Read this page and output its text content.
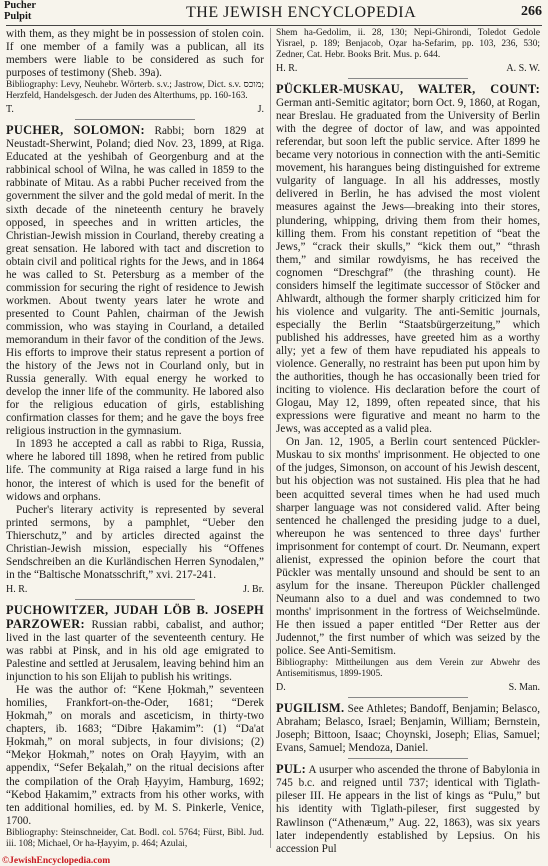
Pucher
Pulpit	THE JEWISH ENCYCLOPEDIA	266

with them, as they might be in possession of stolen coin. If one member of a family was a publican, all its members were liable to be considered as such for purposes of testimony (Sheb. 39a).

Bibliography: Levy, Neuhebr. Wörterb. s.v.; Jastrow, Dict. s.v. מוכס; Herzfeld, Handelsgesch. der Juden des Alterthums, pp. 160-163.

T.	J.

PUCHER, SOLOMON: Rabbi; born 1829 at Neustadt-Sherwint, Poland; died Nov. 23, 1899, at Riga. Educated at the yeshibah of Georgenburg and at the rabbinical school of Wilna, he was called in 1859 to the rabbinate of Mitau. As a rabbi Pucher received from the government the silver and the gold medal of merit. In the sixth decade of the nineteenth century he bravely opposed, in speeches and in written articles, the Christian-Jewish mission in Courland, thereby creating a great sensation. He labored with tact and discretion to obtain civil and political rights for the Jews, and in 1864 he was called to St. Petersburg as a member of the commission for securing the right of residence to Jewish workmen. About twenty years later he wrote and presented to Count Pahlen, chairman of the Jewish commission, who was staying in Courland, a detailed memorandum in their favor of the condition of the Jews. His efforts to improve their status represent a portion of the history of the Jews not in Courland only, but in Russia generally. With equal energy he worked to develop the inner life of the community. He labored also for the religious education of girls, establishing confirmation classes for them; and he gave the boys free religious instruction in the gymnasium.

In 1893 he accepted a call as rabbi to Riga, Russia, where he labored till 1898, when he retired from public life. The community at Riga raised a large fund in his honor, the interest of which is used for the benefit of widows and orphans.

Pucher's literary activity is represented by several printed sermons, by a pamphlet, “Ueber den Thierschutz,” and by articles directed against the Christian-Jewish mission, especially his “Offenes Sendschreiben an die Kurländischen Herren Synodalen,” in the “Baltische Monatsschrift,” xvi. 217-241.

H. R.	J. Br.

PUCHOWITZER, JUDAH LÖB B. JOSEPH PARZOWER: Russian rabbi, cabalist, and author; lived in the last quarter of the seventeenth century. He was rabbi at Pinsk, and in his old age emigrated to Palestine and settled at Jerusalem, leaving behind him an injunction to his son Elijah to publish his writings.

He was the author of: “Kene Ḥokmah,” seventeen homilies, Frankfort-on-the-Oder, 1681; “Derek Ḥokmah,” on morals and asceticism, in thirty-two chapters, ib. 1683; “Dibre Ḥakamim”: (1) “Da'at Ḥokmah,” on moral subjects, in four divisions; (2) “Meḳor Ḥokmah,” notes on Oraḥ Ḥayyim, with an appendix, “Sefer Beḳalah,” on the ritual decisions after the compilation of the Oraḥ Ḥayyim, Hamburg, 1692; “Kebod Ḥakamim,” extracts from his other works, with ten additional homilies, ed. by M. S. Pinkerle, Venice, 1700.

Bibliography: Steinschneider, Cat. Bodl. col. 5764; Fürst, Bibl. Jud. iii. 108; Michael, Or ha-Ḥayyim, p. 464; Azulai,

Shem ha-Gedolim, ii. 28, 130; Nepi-Ghirondi, Toledot Gedole Yisrael, p. 189; Benjacob, Oẓar ha-Sefarim, pp. 103, 236, 530; Zedner, Cat. Hebr. Books Brit. Mus. p. 644.

H. R.	A. S. W.

PÜCKLER-MUSKAU, WALTER, COUNT: German anti-Semitic agitator; born Oct. 9, 1860, at Rogan, near Breslau. He graduated from the University of Berlin with the degree of doctor of law, and was appointed referendar, but soon left the public service. After 1899 he became very notorious in connection with the anti-Semitic movement, his harangues being distinguished for extreme vulgarity of language. In all his addresses, mostly delivered in Berlin, he has advised the most violent measures against the Jews—breaking into their stores, plundering, whipping, driving them from their homes, killing them. From his constant repetition of “beat the Jews,” “crack their skulls,” “kick them out,” “thrash them,” and similar rowdyisms, he has received the cognomen “Dreschgraf” (the thrashing count). He considers himself the legitimate successor of Stöcker and Ahlwardt, although the former sharply criticized him for his violence and vulgarity. The anti-Semitic journals, especially the Berlin “Staatsbürgerzeitung,” which published his addresses, have greeted him as a worthy ally; yet a few of them have repudiated his appeals to violence. Generally, no restraint has been put upon him by the authorities, though he has occasionally been tried for inciting to violence. His declaration before the court of Glogau, May 12, 1899, often repeated since, that his expressions were figurative and meant no harm to the Jews, was accepted as a valid plea.

On Jan. 12, 1905, a Berlin court sentenced Pückler-Muskau to six months' imprisonment. He objected to one of the judges, Simonson, on account of his Jewish descent, but his objection was not sustained. His plea that he had been acquitted several times when he had used much sharper language was not considered valid. After being sentenced he challenged the presiding judge to a duel, whereupon he was sentenced to three days' further imprisonment for contempt of court. Dr. Neumann, expert alienist, expressed the opinion before the court that Pückler was mentally unsound and should be sent to an asylum for the insane. Thereupon Pückler challenged Neumann also to a duel and was condemned to two months' imprisonment in the fortress of Weichselmünde. He then issued a paper entitled “Der Retter aus der Judennot,” the first number of which was seized by the police. See Anti-Semitism.

Bibliography: Mittheilungen aus dem Verein zur Abwehr des Antisemitismus, 1899-1905.

D.	S. Man.

PUGILISM. See Athletes; Bandoff, Benjamin; Belasco, Abraham; Belasco, Israel; Benjamin, William; Bernstein, Joseph; Bittoon, Isaac; Choynski, Joseph; Elias, Samuel; Evans, Samuel; Mendoza, Daniel.

PUL: A usurper who ascended the throne of Babylonia in 745 b.c. and reigned until 737; identical with Tiglath-pileser III. He appears in the list of kings as “Pulu,” but his identity with Tiglath-pileser, first suggested by Rawlinson (“Athenæum,” Aug. 22, 1863), was six years later independently established by Lepsius. On his accession Pul

©JewishEncyclopedia.com
